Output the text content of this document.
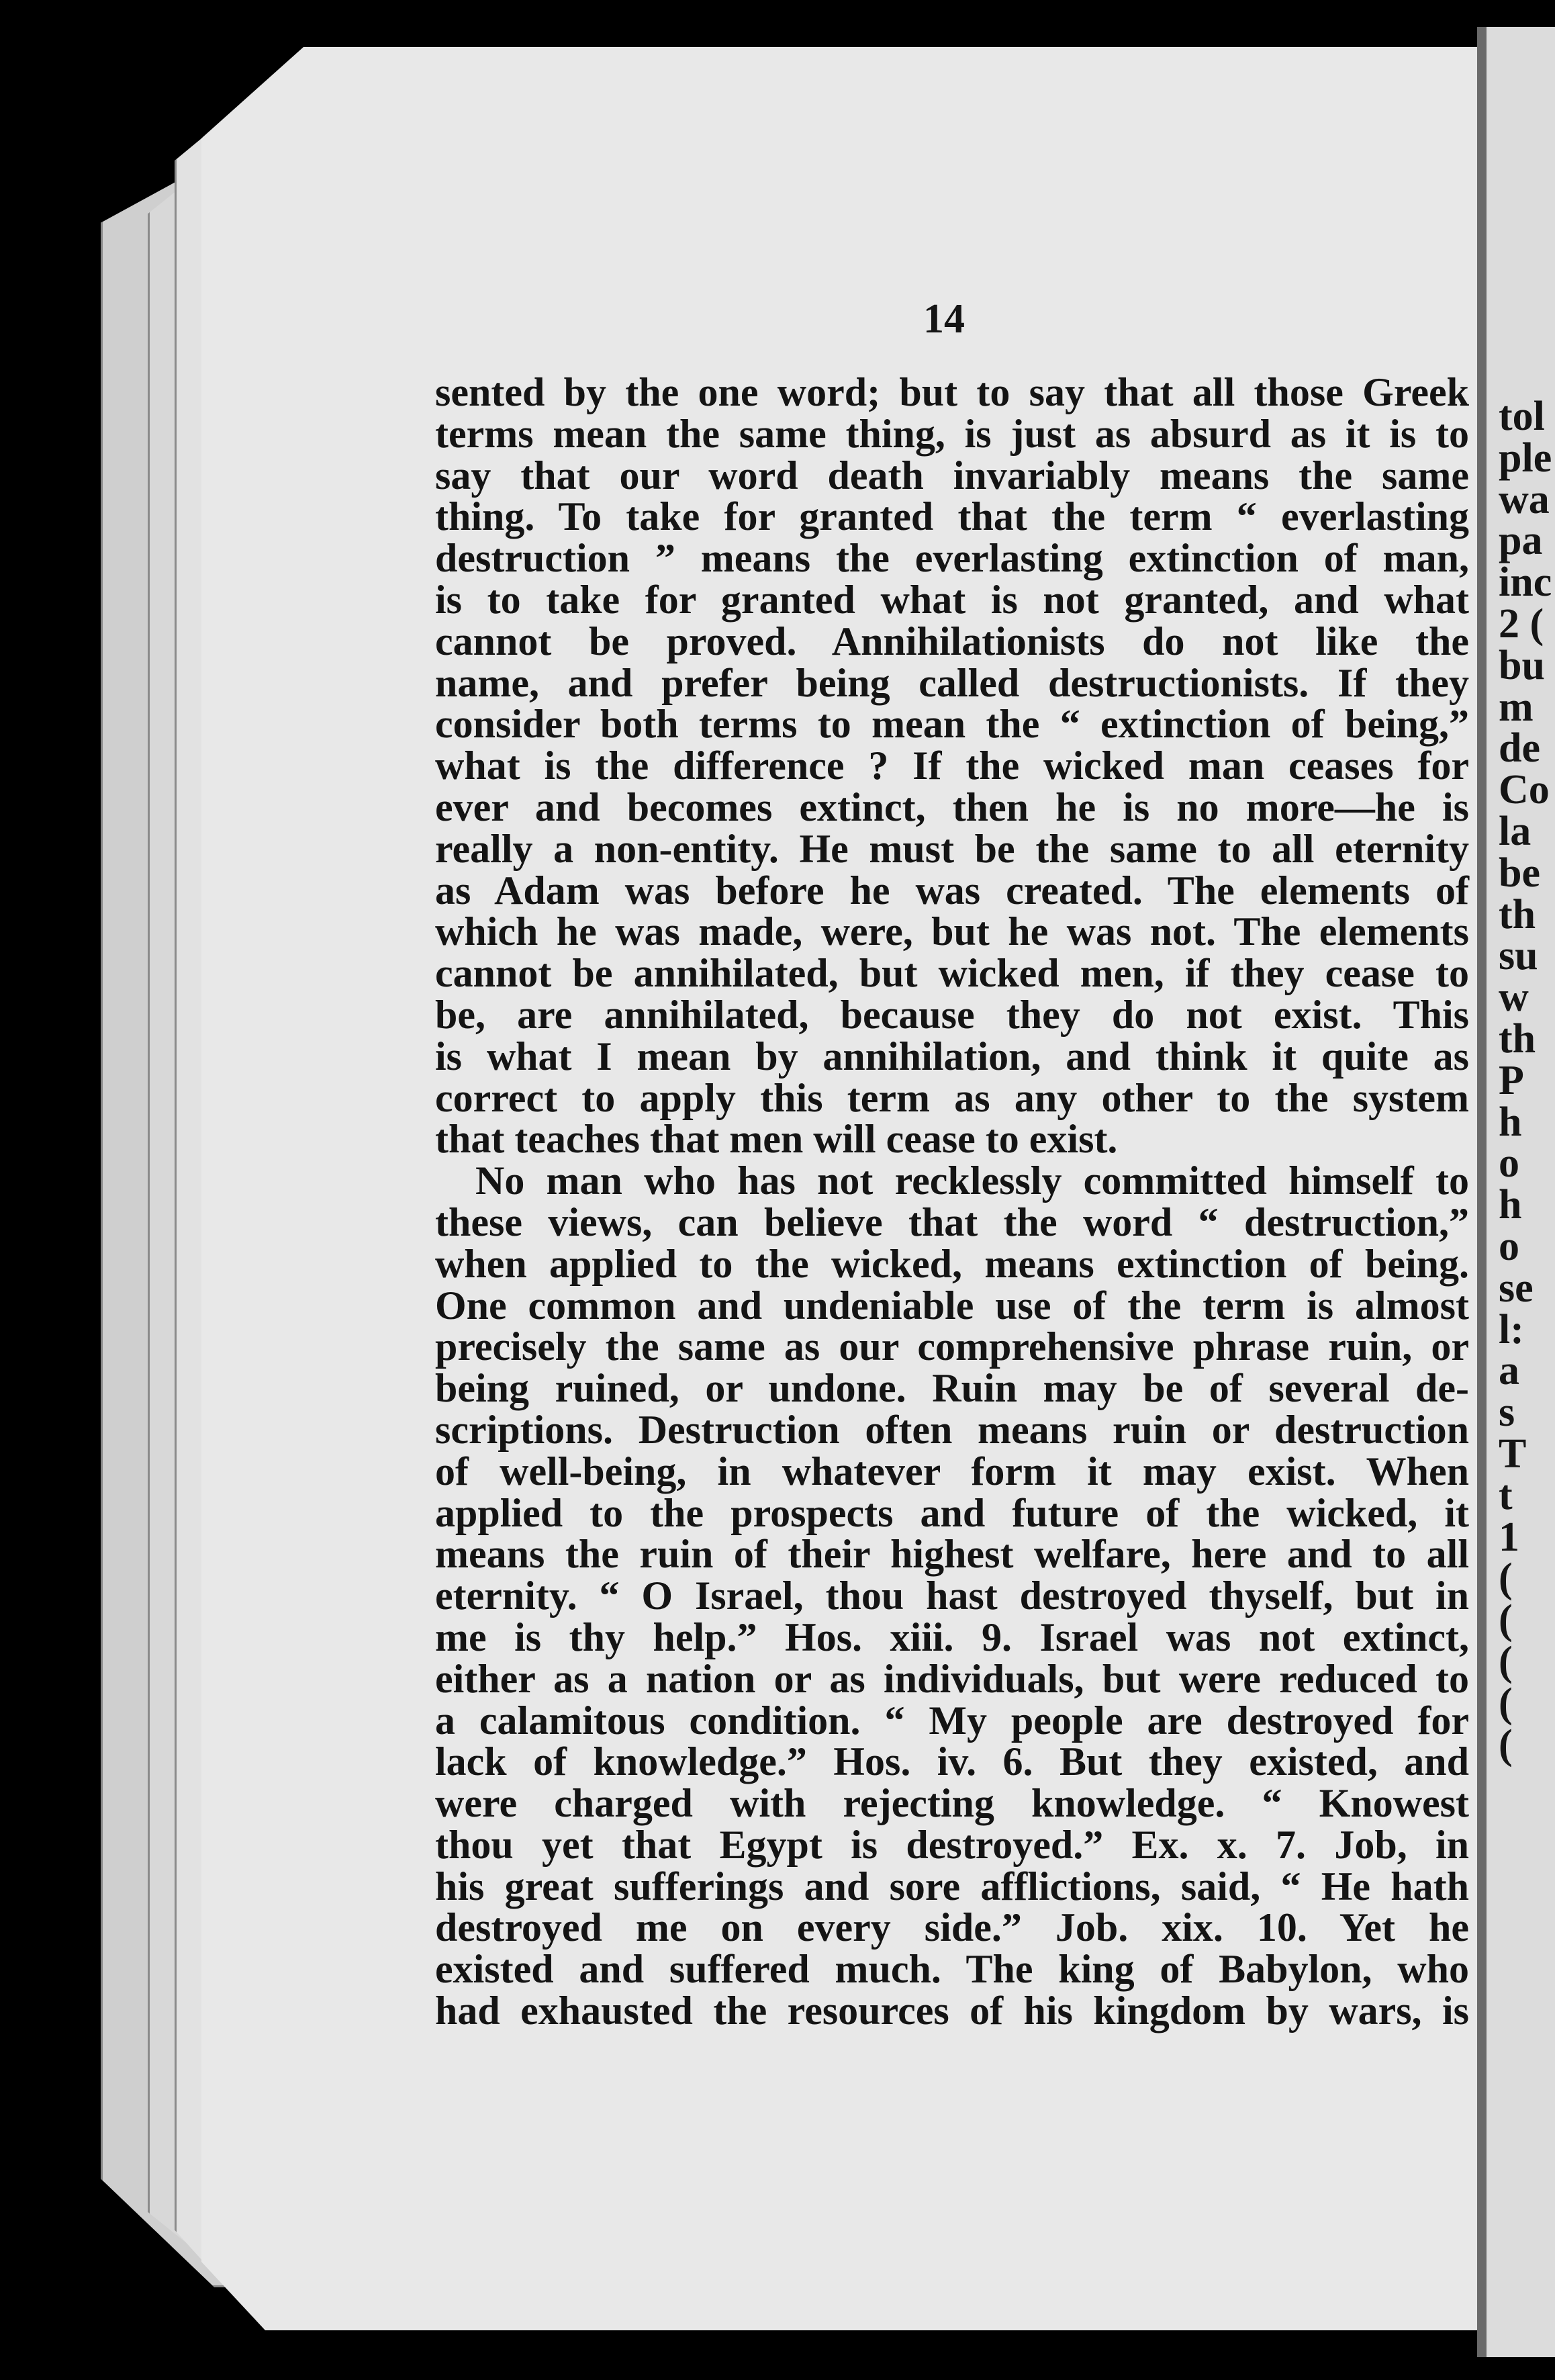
tol
ple
wa
pa
inc
2 (
bu
m
de
Co
la
be
th
su
w
th
P
h
o
h
o
se
l:
a
s
T
t
1
(
(
(
(
(
14
sented by the one word; but to say that all those Greek
terms mean the same thing, is just as absurd as it is to
say that our word death invariably means the same
thing. To take for granted that the term “ everlasting
destruction ” means the everlasting extinction of man,
is to take for granted what is not granted, and what
cannot be proved. Annihilationists do not like the
name, and prefer being called destructionists. If they
consider both terms to mean the “ extinction of being,”
what is the difference ? If the wicked man ceases for
ever and becomes extinct, then he is no more—he is
really a non-entity. He must be the same to all eternity
as Adam was before he was created. The elements of
which he was made, were, but he was not. The elements
cannot be annihilated, but wicked men, if they cease to
be, are annihilated, because they do not exist. This
is what I mean by annihilation, and think it quite as
correct to apply this term as any other to the system
that teaches that men will cease to exist.
No man who has not recklessly committed himself to
these views, can believe that the word “ destruction,”
when applied to the wicked, means extinction of being.
One common and undeniable use of the term is almost
precisely the same as our comprehensive phrase ruin, or
being ruined, or undone. Ruin may be of several de-
scriptions. Destruction often means ruin or destruction
of well-being, in whatever form it may exist. When
applied to the prospects and future of the wicked, it
means the ruin of their highest welfare, here and to all
eternity. “ O Israel, thou hast destroyed thyself, but in
me is thy help.” Hos. xiii. 9. Israel was not extinct,
either as a nation or as individuals, but were reduced to
a calamitous condition. “ My people are destroyed for
lack of knowledge.” Hos. iv. 6. But they existed, and
were charged with rejecting knowledge. “ Knowest
thou yet that Egypt is destroyed.” Ex. x. 7. Job, in
his great sufferings and sore afflictions, said, “ He hath
destroyed me on every side.” Job. xix. 10. Yet he
existed and suffered much. The king of Babylon, who
had exhausted the resources of his kingdom by wars, is
